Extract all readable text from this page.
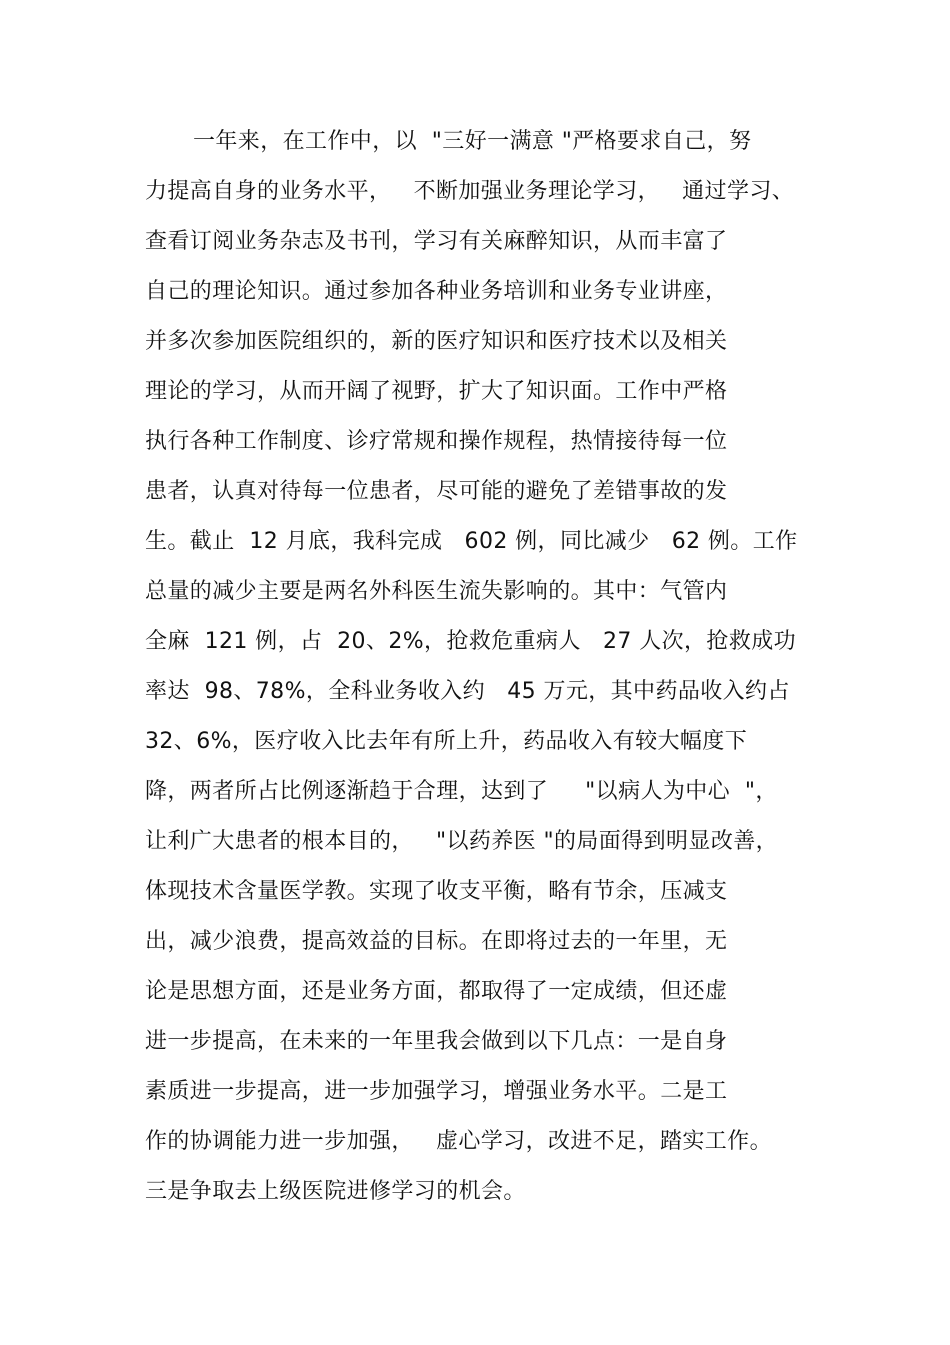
一年来，在工作中，以  "三好一满意 "严格要求自己，努
力提高自身的业务水平，   不断加强业务理论学习，   通过学习、
查看订阅业务杂志及书刊，学习有关麻醉知识，从而丰富了
自己的理论知识。通过参加各种业务培训和业务专业讲座，
并多次参加医院组织的，新的医疗知识和医疗技术以及相关
理论的学习，从而开阔了视野，扩大了知识面。工作中严格
执行各种工作制度、诊疗常规和操作规程，热情接待每一位
患者，认真对待每一位患者，尽可能的避免了差错事故的发
生。截止  12 月底，我科完成   602 例，同比减少   62 例。工作
总量的减少主要是两名外科医生流失影响的。其中：气管内
全麻  121 例，占  20、2%，抢救危重病人   27 人次，抢救成功
率达  98、78%，全科业务收入约   45 万元，其中药品收入约占
32、6%，医疗收入比去年有所上升，药品收入有较大幅度下
降，两者所占比例逐渐趋于合理，达到了     "以病人为中心  "，
让利广大患者的根本目的，   "以药养医 "的局面得到明显改善，
体现技术含量医学教。实现了收支平衡，略有节余，压减支
出，减少浪费，提高效益的目标。在即将过去的一年里，无
论是思想方面，还是业务方面，都取得了一定成绩，但还虚
进一步提高，在未来的一年里我会做到以下几点：一是自身
素质进一步提高，进一步加强学习，增强业务水平。二是工
作的协调能力进一步加强，   虚心学习，改进不足，踏实工作。
三是争取去上级医院进修学习的机会。
